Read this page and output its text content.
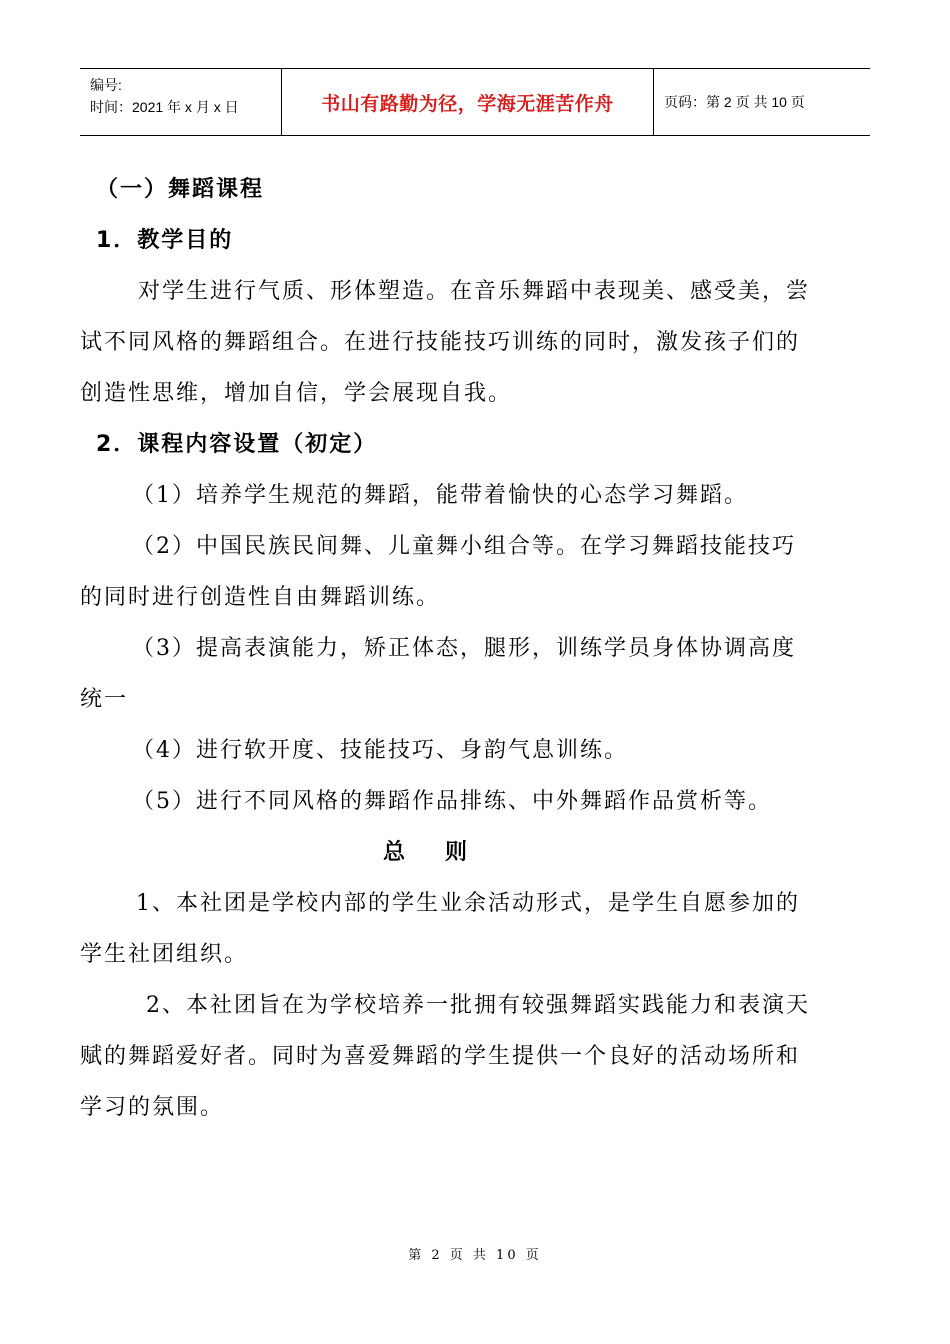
编号:
时间：2021 年 x 月 x 日	书山有路勤为径，学海无涯苦作舟	页码：第 2 页 共 10 页

（一）舞蹈课程

1．教学目的

对学生进行气质、形体塑造。在音乐舞蹈中表现美、感受美，尝

试不同风格的舞蹈组合。在进行技能技巧训练的同时，激发孩子们的

创造性思维，增加自信，学会展现自我。

2．课程内容设置（初定）

（1）培养学生规范的舞蹈，能带着愉快的心态学习舞蹈。

（2）中国民族民间舞、儿童舞小组合等。在学习舞蹈技能技巧

的同时进行创造性自由舞蹈训练。

（3）提高表演能力，矫正体态，腿形，训练学员身体协调高度

统一

（4）进行软开度、技能技巧、身韵气息训练。

（5）进行不同风格的舞蹈作品排练、中外舞蹈作品赏析等。

总则

1、本社团是学校内部的学生业余活动形式，是学生自愿参加的

学生社团组织。

2、本社团旨在为学校培养一批拥有较强舞蹈实践能力和表演天

赋的舞蹈爱好者。同时为喜爱舞蹈的学生提供一个良好的活动场所和

学习的氛围。

第 2 页 共 10 页
